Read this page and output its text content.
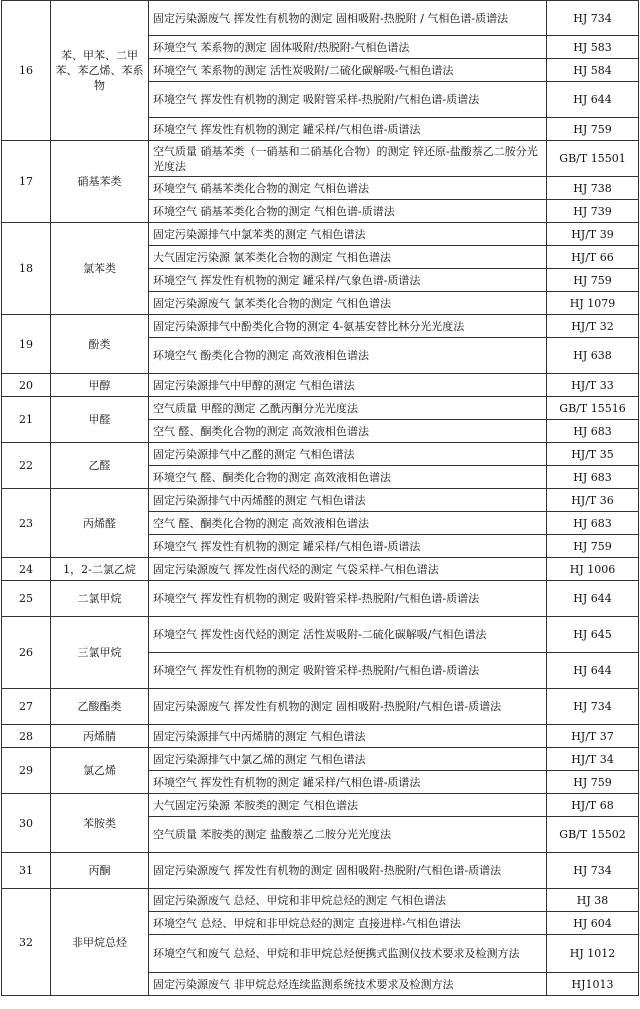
16	苯、甲苯、二甲苯、苯乙烯、苯系物	固定污染源废气 挥发性有机物的测定 固相吸附-热脱附 / 气相色谱-质谱法	HJ 734
		环境空气 苯系物的测定 固体吸附/热脱附-气相色谱法	HJ 583
		环境空气 苯系物的测定 活性炭吸附/二硫化碳解吸-气相色谱法	HJ 584
		环境空气 挥发性有机物的测定 吸附管采样-热脱附/气相色谱-质谱法	HJ 644
		环境空气 挥发性有机物的测定 罐采样/气相色谱-质谱法	HJ 759
17	硝基苯类	空气质量 硝基苯类（一硝基和二硝基化合物）的测定 锌还原-盐酸萘乙二胺分光光度法	GB/T 15501
		环境空气 硝基苯类化合物的测定 气相色谱法	HJ 738
		环境空气 硝基苯类化合物的测定 气相色谱-质谱法	HJ 739
18	氯苯类	固定污染源排气中氯苯类的测定 气相色谱法	HJ/T 39
		大气固定污染源 氯苯类化合物的测定 气相色谱法	HJ/T 66
		环境空气 挥发性有机物的测定 罐采样/气象色谱-质谱法	HJ 759
		固定污染源废气 氯苯类化合物的测定 气相色谱法	HJ 1079
19	酚类	固定污染源排气中酚类化合物的测定 4-氨基安替比林分光光度法	HJ/T 32
		环境空气 酚类化合物的测定 高效液相色谱法	HJ 638
20	甲醇	固定污染源排气中甲醇的测定 气相色谱法	HJ/T 33
21	甲醛	空气质量 甲醛的测定 乙酰丙酮分光光度法	GB/T 15516
		空气 醛、酮类化合物的测定 高效液相色谱法	HJ 683
22	乙醛	固定污染源排气中乙醛的测定 气相色谱法	HJ/T 35
		环境空气 醛、酮类化合物的测定 高效液相色谱法	HJ 683
23	丙烯醛	固定污染源排气中丙烯醛的测定 气相色谱法	HJ/T 36
		空气 醛、酮类化合物的测定 高效液相色谱法	HJ 683
		环境空气 挥发性有机物的测定 罐采样/气相色谱-质谱法	HJ 759
24	1，2-二氯乙烷	固定污染源废气 挥发性卤代烃的测定 气袋采样-气相色谱法	HJ 1006
25	二氯甲烷	环境空气 挥发性有机物的测定 吸附管采样-热脱附/气相色谱-质谱法	HJ 644
26	三氯甲烷	环境空气 挥发性卤代烃的测定 活性炭吸附-二硫化碳解吸/气相色谱法	HJ 645
		环境空气 挥发性有机物的测定 吸附管采样-热脱附/气相色谱-质谱法	HJ 644
27	乙酸酯类	固定污染源废气 挥发性有机物的测定 固相吸附-热脱附/气相色谱-质谱法	HJ 734
28	丙烯腈	固定污染源排气中丙烯腈的测定 气相色谱法	HJ/T 37
29	氯乙烯	固定污染源排气中氯乙烯的测定 气相色谱法	HJ/T 34
		环境空气 挥发性有机物的测定 罐采样/气相色谱-质谱法	HJ 759
30	苯胺类	大气固定污染源 苯胺类的测定 气相色谱法	HJ/T 68
		空气质量 苯胺类的测定 盐酸萘乙二胺分光光度法	GB/T 15502
31	丙酮	固定污染源废气 挥发性有机物的测定 固相吸附-热脱附/气相色谱-质谱法	HJ 734
32	非甲烷总烃	固定污染源废气 总烃、甲烷和非甲烷总烃的测定 气相色谱法	HJ 38
		环境空气 总烃、甲烷和非甲烷总烃的测定 直接进样-气相色谱法	HJ 604
		环境空气和废气 总烃、甲烷和非甲烷总烃便携式监测仪技术要求及检测方法	HJ 1012
		固定污染源废气 非甲烷总烃连续监测系统技术要求及检测方法	HJ1013
